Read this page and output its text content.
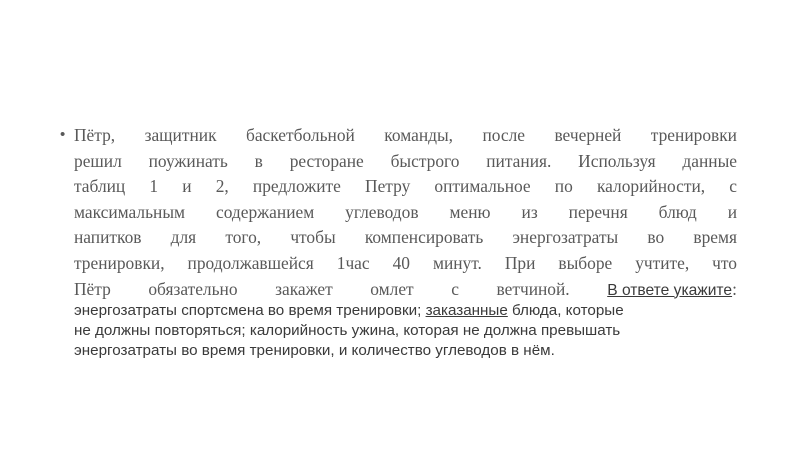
• Пётр, защитник баскетбольной команды, после вечерней тренировки

решил поужинать в ресторане быстрого питания. Используя данные

таблиц 1 и 2, предложите Петру оптимальное по калорийности, с

максимальным содержанием углеводов меню из перечня блюд и

напитков для того, чтобы компенсировать энергозатраты во время

тренировки, продолжавшейся 1час 40 минут. При выборе учтите, что

Пётр обязательно закажет омлет с ветчиной. В ответе укажите:

энергозатраты спортсмена во время тренировки; заказанные блюда, которые

не должны повторяться; калорийность ужина, которая не должна превышать

энергозатраты во время тренировки, и количество углеводов в нём.
